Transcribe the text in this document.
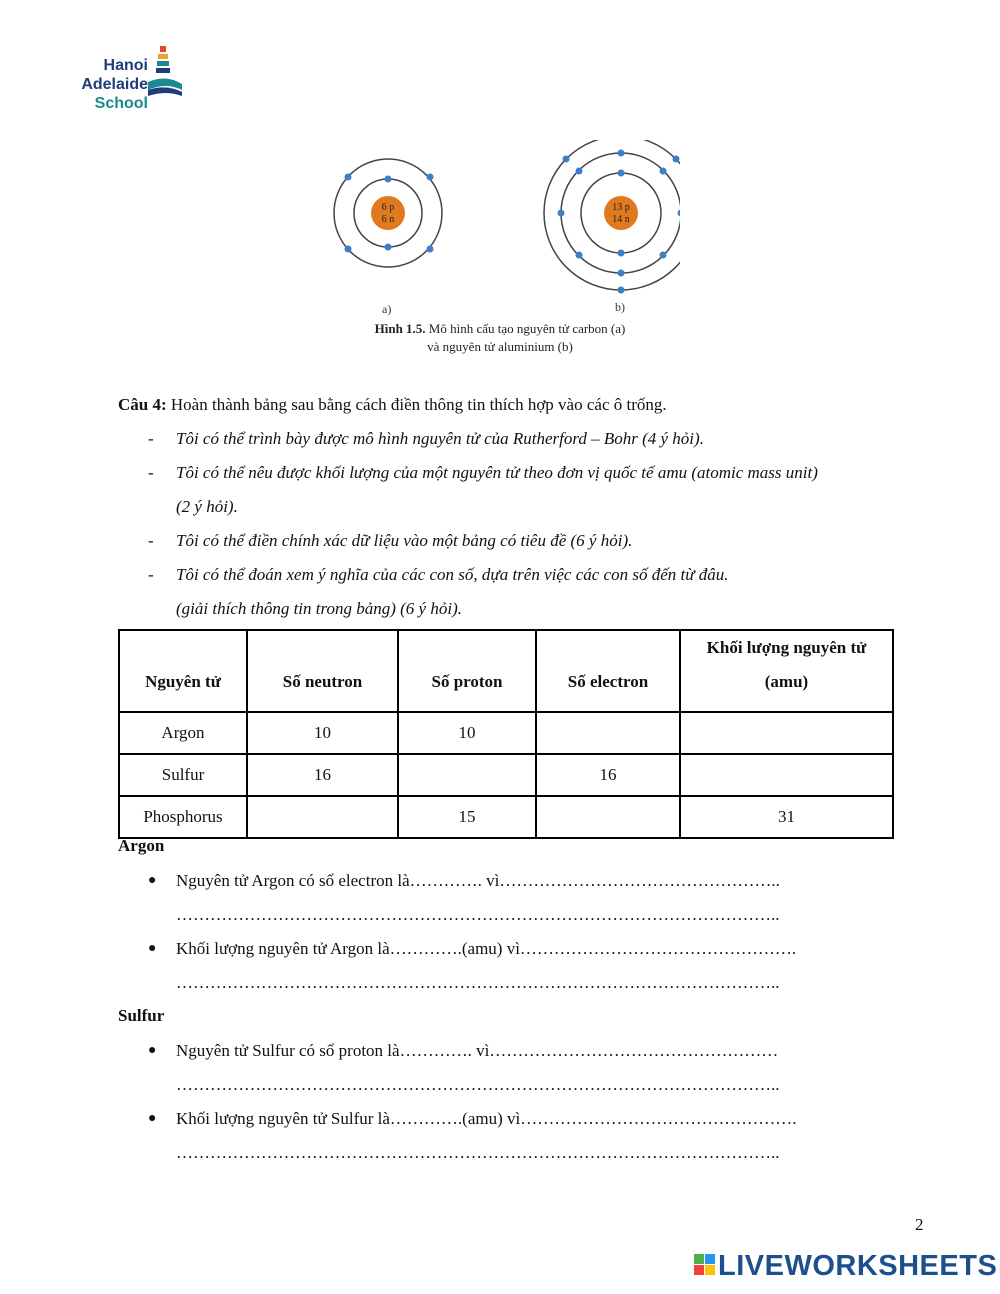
Hanoi
Adelaide
School
6 p
6 n
13 p
14 n
a)	b)
Hình 1.5. Mô hình cấu tạo nguyên tử carbon (a)
và nguyên tử aluminium (b)
Câu 4: Hoàn thành bảng sau bằng cách điền thông tin thích hợp vào các ô trống.
- Tôi có thể trình bày được mô hình nguyên tử của Rutherford – Bohr (4 ý hỏi).
- Tôi có thể nêu được khối lượng của một nguyên tử theo đơn vị quốc tế amu (atomic mass unit)
(2 ý hỏi).
- Tôi có thể điền chính xác dữ liệu vào một bảng có tiêu đề (6 ý hỏi).
- Tôi có thể đoán xem ý nghĩa của các con số, dựa trên việc các con số đến từ đâu.
(giải thích thông tin trong bảng) (6 ý hỏi).
Nguyên tử	Số neutron	Số proton	Số electron	Khối lượng nguyên tử
(amu)

Argon	10	10		
Sulfur	16		16	
Phosphorus		15		31
Argon
● Nguyên tử Argon có số electron là…………. vì…………………………………………..
……………………………………………………………………………………………..
● Khối lượng nguyên tử Argon là………….(amu) vì………………………………………….
……………………………………………………………………………………………..
Sulfur
● Nguyên tử Sulfur có số proton là…………. vì……………………………………………
……………………………………………………………………………………………..
● Khối lượng nguyên tử Sulfur là………….(amu) vì………………………………………….
……………………………………………………………………………………………..
2
LIVEWORKSHEETS
